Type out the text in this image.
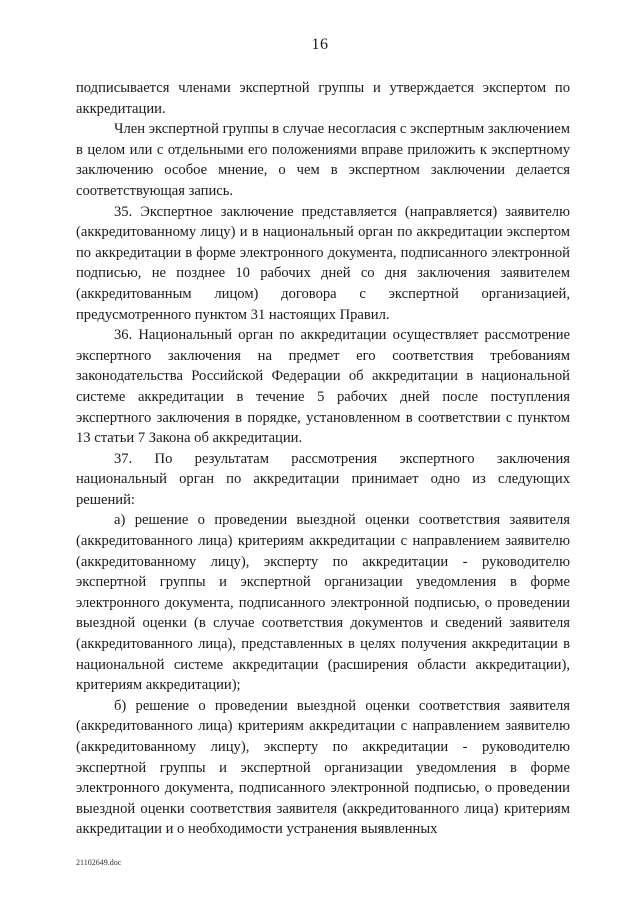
16

подписывается членами экспертной группы и утверждается экспертом по аккредитации.

Член экспертной группы в случае несогласия с экспертным заключением в целом или с отдельными его положениями вправе приложить к экспертному заключению особое мнение, о чем в экспертном заключении делается соответствующая запись.

35. Экспертное заключение представляется (направляется) заявителю (аккредитованному лицу) и в национальный орган по аккредитации экспертом по аккредитации в форме электронного документа, подписанного электронной подписью, не позднее 10 рабочих дней со дня заключения заявителем (аккредитованным лицом) договора с экспертной организацией, предусмотренного пунктом 31 настоящих Правил.

36. Национальный орган по аккредитации осуществляет рассмотрение экспертного заключения на предмет его соответствия требованиям законодательства Российской Федерации об аккредитации в национальной системе аккредитации в течение 5 рабочих дней после поступления экспертного заключения в порядке, установленном в соответствии с пунктом 13 статьи 7 Закона об аккредитации.

37. По результатам рассмотрения экспертного заключения национальный орган по аккредитации принимает одно из следующих решений:

а) решение о проведении выездной оценки соответствия заявителя (аккредитованного лица) критериям аккредитации с направлением заявителю (аккредитованному лицу), эксперту по аккредитации - руководителю экспертной группы и экспертной организации уведомления в форме электронного документа, подписанного электронной подписью, о проведении выездной оценки (в случае соответствия документов и сведений заявителя (аккредитованного лица), представленных в целях получения аккредитации в национальной системе аккредитации (расширения области аккредитации), критериям аккредитации);

б) решение о проведении выездной оценки соответствия заявителя (аккредитованного лица) критериям аккредитации с направлением заявителю (аккредитованному лицу), эксперту по аккредитации - руководителю экспертной группы и экспертной организации уведомления в форме электронного документа, подписанного электронной подписью, о проведении выездной оценки соответствия заявителя (аккредитованного лица) критериям аккредитации и о необходимости устранения выявленных

21102649.doc
